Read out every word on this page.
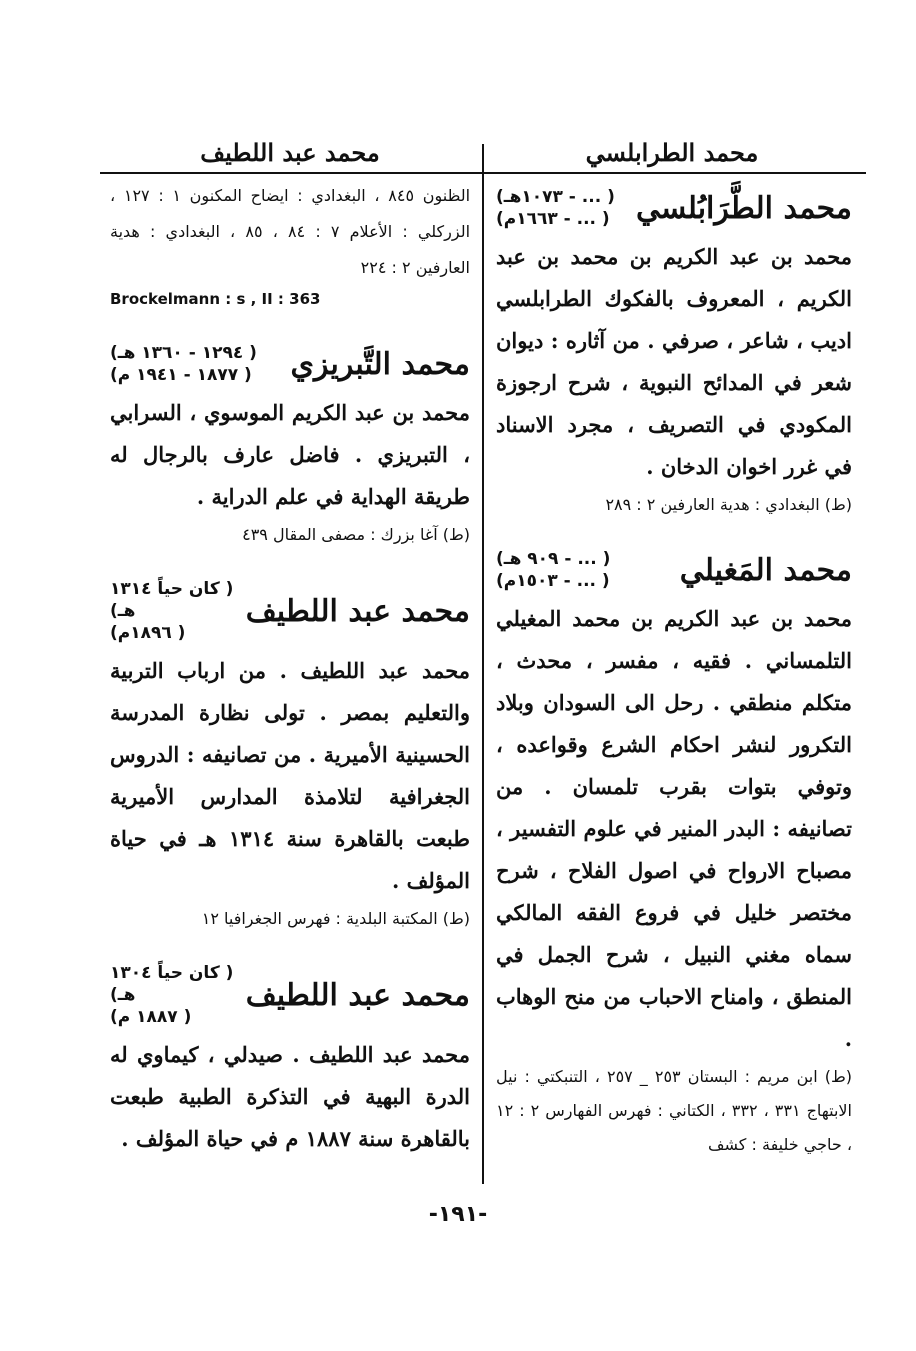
محمد الطرابلسي
محمد عبد اللطيف
محمد الطَّرَابُلسي
( ... - ١٠٧٣هـ)
( ... - ١٦٦٣م)
محمد بن عبد الكريم بن محمد بن عبد الكريم ، المعروف بالفكوك الطرابلسي اديب ، شاعر ، صرفي . من آثاره : ديوان شعر في المدائح النبوية ، شرح ارجوزة المكودي في التصريف ، مجرد الاسناد في غرر اخوان الدخان .
(ط) البغدادي : هدية العارفين ٢ : ٢٨٩
محمد المَغيلي
( ... - ٩٠٩ هـ)
( ... - ١٥٠٣م)
محمد بن عبد الكريم بن محمد المغيلي التلمساني . فقيه ، مفسر ، محدث ، متكلم منطقي . رحل الى السودان وبلاد التكرور لنشر احكام الشرع وقواعده ، وتوفي بتوات بقرب تلمسان . من تصانيفه : البدر المنير في علوم التفسير ، مصباح الارواح في اصول الفلاح ، شرح مختصر خليل في فروع الفقه المالكي سماه مغني النبيل ، شرح الجمل في المنطق ، وامناح الاحباب من منح الوهاب .
(ط) ابن مريم : البستان ٢٥٣ _ ٢٥٧ ، التنبكتي : نيل الابتهاج ٣٣١ ، ٣٣٢ ، الكتاني : فهرس الفهارس ٢ : ١٢ ، حاجي خليفة : كشف
الظنون ٨٤٥ ، البغدادي : ايضاح المكنون ١ : ١٢٧ ، الزركلي : الأعلام ٧ : ٨٤ ، ٨٥ ، البغدادي : هدية العارفين ٢ : ٢٢٤
Brockelmann : s , II : 363
محمد التَّبريزي
( ١٢٩٤ - ١٣٦٠ هـ)
( ١٨٧٧ - ١٩٤١ م)
محمد بن عبد الكريم الموسوي ، السرابي ، التبريزي . فاضل عارف بالرجال له طريقة الهداية في علم الدراية .
(ط) آغا بزرك : مصفى المقال ٤٣٩
محمد عبد اللطيف
( كان حياً ١٣١٤ هـ)
( ١٨٩٦م)
محمد عبد اللطيف . من ارباب التربية والتعليم بمصر . تولى نظارة المدرسة الحسينية الأميرية . من تصانيفه : الدروس الجغرافية لتلامذة المدارس الأميرية طبعت بالقاهرة سنة ١٣١٤ هـ في حياة المؤلف .
(ط) المكتبة البلدية : فهرس الجغرافيا ١٢
محمد عبد اللطيف
( كان حياً ١٣٠٤ هـ)
( ١٨٨٧ م)
محمد عبد اللطيف . صيدلي ، كيماوي له الدرة البهية في التذكرة الطبية طبعت بالقاهرة سنة ١٨٨٧ م في حياة المؤلف .
-١٩١-
